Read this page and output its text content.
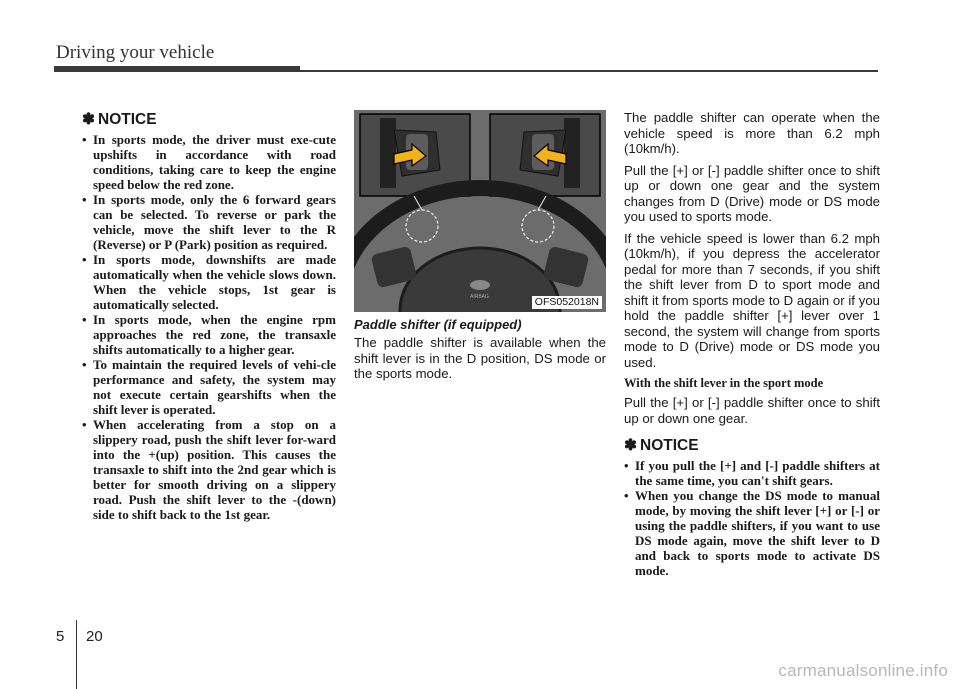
Driving your vehicle
✽ NOTICE
• In sports mode, the driver must exe-cute upshifts in accordance with road conditions, taking care to keep the engine speed below the red zone.
• In sports mode, only the 6 forward gears can be selected. To reverse or park the vehicle, move the shift lever to the R (Reverse) or P (Park) position as required.
• In sports mode, downshifts are made automatically when the vehicle slows down. When the vehicle stops, 1st gear is automatically selected.
• In sports mode, when the engine rpm approaches the red zone, the transaxle shifts automatically to a higher gear.
• To maintain the required levels of vehi-cle performance and safety, the system may not execute certain gearshifts when the shift lever is operated.
• When accelerating from a stop on a slippery road, push the shift lever for-ward into the +(up) position. This causes the transaxle to shift into the 2nd gear which is better for smooth driving on a slippery road. Push the shift lever to the -(down) side to shift back to the 1st gear.
AIRBAG	OFS052018N
Paddle shifter (if equipped)

The paddle shifter is available when the shift lever is in the D position, DS mode or the sports mode.

The paddle shifter can operate when the vehicle speed is more than 6.2 mph (10km/h).

Pull the [+] or [-] paddle shifter once to shift up or down one gear and the system changes from D (Drive) mode or DS mode you used to sports mode.

If the vehicle speed is lower than 6.2 mph (10km/h), if you depress the accelerator pedal for more than 7 seconds, if you shift the shift lever from D to sport mode and shift it from sports mode to D again or if you hold the paddle shifter [+] lever over 1 second, the system will change from sports mode to D (Drive) mode or DS mode you used.

With the shift lever in the sport mode

Pull the [+] or [-] paddle shifter once to shift up or down one gear.

✽ NOTICE
• If you pull the [+] and [-] paddle shifters at the same time, you can't shift gears.
• When you change the DS mode to manual mode, by moving the shift lever [+] or [-] or using the paddle shifters, if you want to use DS mode again, move the shift lever to D and back to sports mode to activate DS mode.
5 20
carmanualsonline.info
